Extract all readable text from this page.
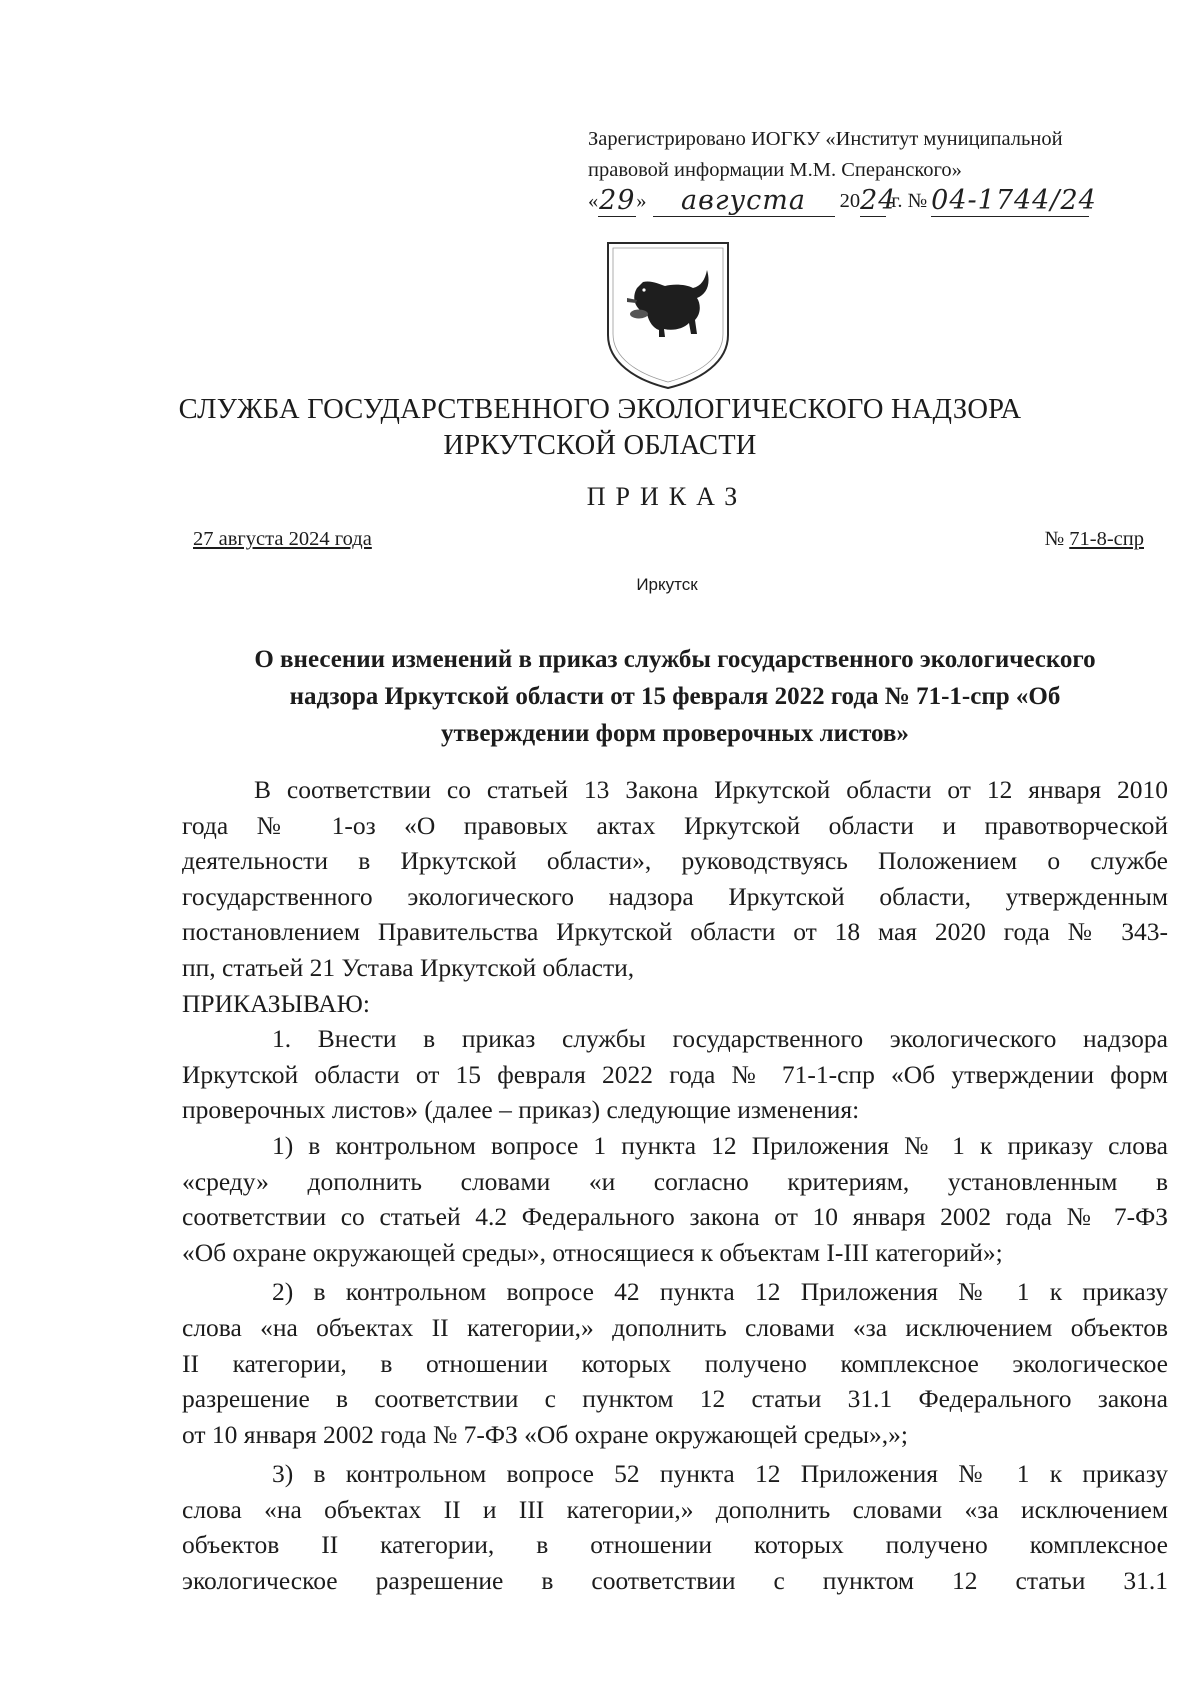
Зарегистрировано ИОГКУ «Институт муниципальной
правовой информации М.М. Сперанского»
«29» августа 2024 г. № 04-1744/24
СЛУЖБА ГОСУДАРСТВЕННОГО ЭКОЛОГИЧЕСКОГО НАДЗОРА
ИРКУТСКОЙ ОБЛАСТИ
ПРИКАЗ
27 августа 2024 года	№ 71-8-спр
Иркутск
О внесении изменений в приказ службы государственного экологического
надзора Иркутской области от 15 февраля 2022 года № 71-1-спр «Об
утверждении форм проверочных листов»
В соответствии со статьей 13 Закона Иркутской области от 12 января 2010
года № 1-оз «О правовых актах Иркутской области и правотворческой
деятельности в Иркутской области», руководствуясь Положением о службе
государственного экологического надзора Иркутской области, утвержденным
постановлением Правительства Иркутской области от 18 мая 2020 года № 343-
пп, статьей 21 Устава Иркутской области,
ПРИКАЗЫВАЮ:
1. Внести в приказ службы государственного экологического надзора
Иркутской области от 15 февраля 2022 года № 71-1-спр «Об утверждении форм
проверочных листов» (далее – приказ) следующие изменения:
1) в контрольном вопросе 1 пункта 12 Приложения № 1 к приказу слова
«среду» дополнить словами «и согласно критериям, установленным в
соответствии со статьей 4.2 Федерального закона от 10 января 2002 года № 7-ФЗ
«Об охране окружающей среды», относящиеся к объектам I-III категорий»;
2) в контрольном вопросе 42 пункта 12 Приложения № 1 к приказу
слова «на объектах II категории,» дополнить словами «за исключением объектов
II категории, в отношении которых получено комплексное экологическое
разрешение в соответствии с пунктом 12 статьи 31.1 Федерального закона
от 10 января 2002 года № 7-ФЗ «Об охране окружающей среды»,»;
3) в контрольном вопросе 52 пункта 12 Приложения № 1 к приказу
слова «на объектах II и III категории,» дополнить словами «за исключением
объектов II категории, в отношении которых получено комплексное
экологическое разрешение в соответствии с пунктом 12 статьи 31.1
